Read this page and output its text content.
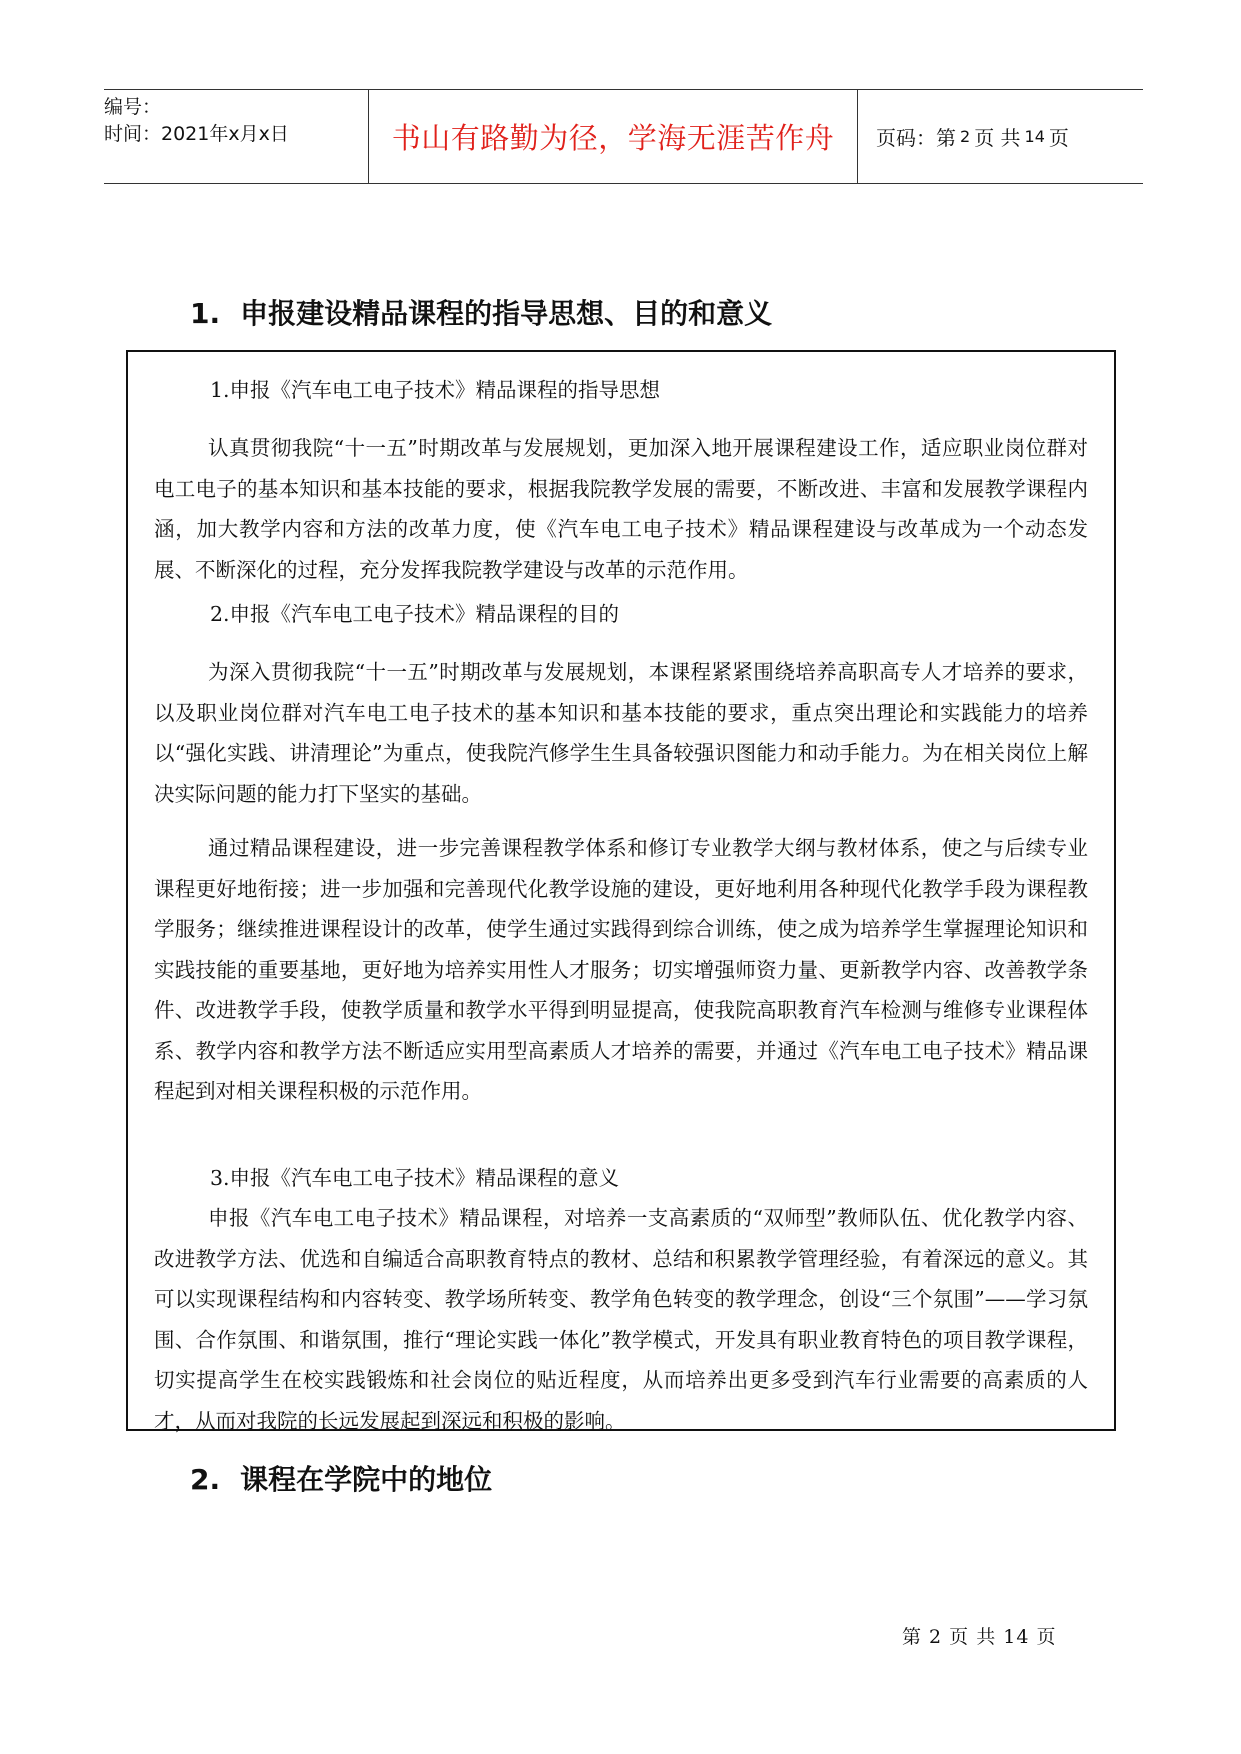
编号：
时间：2021年x月x日	书山有路勤为径，学海无涯苦作舟	页码：第 2 页 共 14 页
1. 申报建设精品课程的指导思想、目的和意义

1.申报《汽车电工电子技术》精品课程的指导思想

认真贯彻我院“十一五”时期改革与发展规划，更加深入地开展课程建设工作，适应职业岗位群对电工电子的基本知识和基本技能的要求，根据我院教学发展的需要，不断改进、丰富和发展教学课程内涵，加大教学内容和方法的改革力度，使《汽车电工电子技术》精品课程建设与改革成为一个动态发展、不断深化的过程，充分发挥我院教学建设与改革的示范作用。

2.申报《汽车电工电子技术》精品课程的目的

为深入贯彻我院“十一五”时期改革与发展规划，本课程紧紧围绕培养高职高专人才培养的要求，以及职业岗位群对汽车电工电子技术的基本知识和基本技能的要求，重点突出理论和实践能力的培养以“强化实践、讲清理论”为重点，使我院汽修学生生具备较强识图能力和动手能力。为在相关岗位上解决实际问题的能力打下坚实的基础。

通过精品课程建设，进一步完善课程教学体系和修订专业教学大纲与教材体系，使之与后续专业课程更好地衔接；进一步加强和完善现代化教学设施的建设，更好地利用各种现代化教学手段为课程教学服务；继续推进课程设计的改革，使学生通过实践得到综合训练，使之成为培养学生掌握理论知识和实践技能的重要基地，更好地为培养实用性人才服务；切实增强师资力量、更新教学内容、改善教学条件、改进教学手段，使教学质量和教学水平得到明显提高，使我院高职教育汽车检测与维修专业课程体系、教学内容和教学方法不断适应实用型高素质人才培养的需要，并通过《汽车电工电子技术》精品课程起到对相关课程积极的示范作用。

3.申报《汽车电工电子技术》精品课程的意义

申报《汽车电工电子技术》精品课程，对培养一支高素质的“双师型”教师队伍、优化教学内容、改进教学方法、优选和自编适合高职教育特点的教材、总结和积累教学管理经验，有着深远的意义。其可以实现课程结构和内容转变、教学场所转变、教学角色转变的教学理念，创设“三个氛围”——学习氛围、合作氛围、和谐氛围，推行“理论实践一体化”教学模式，开发具有职业教育特色的项目教学课程，切实提高学生在校实践锻炼和社会岗位的贴近程度，从而培养出更多受到汽车行业需要的高素质的人才，从而对我院的长远发展起到深远和积极的影响。

2. 课程在学院中的地位
第 2 页 共 14 页
